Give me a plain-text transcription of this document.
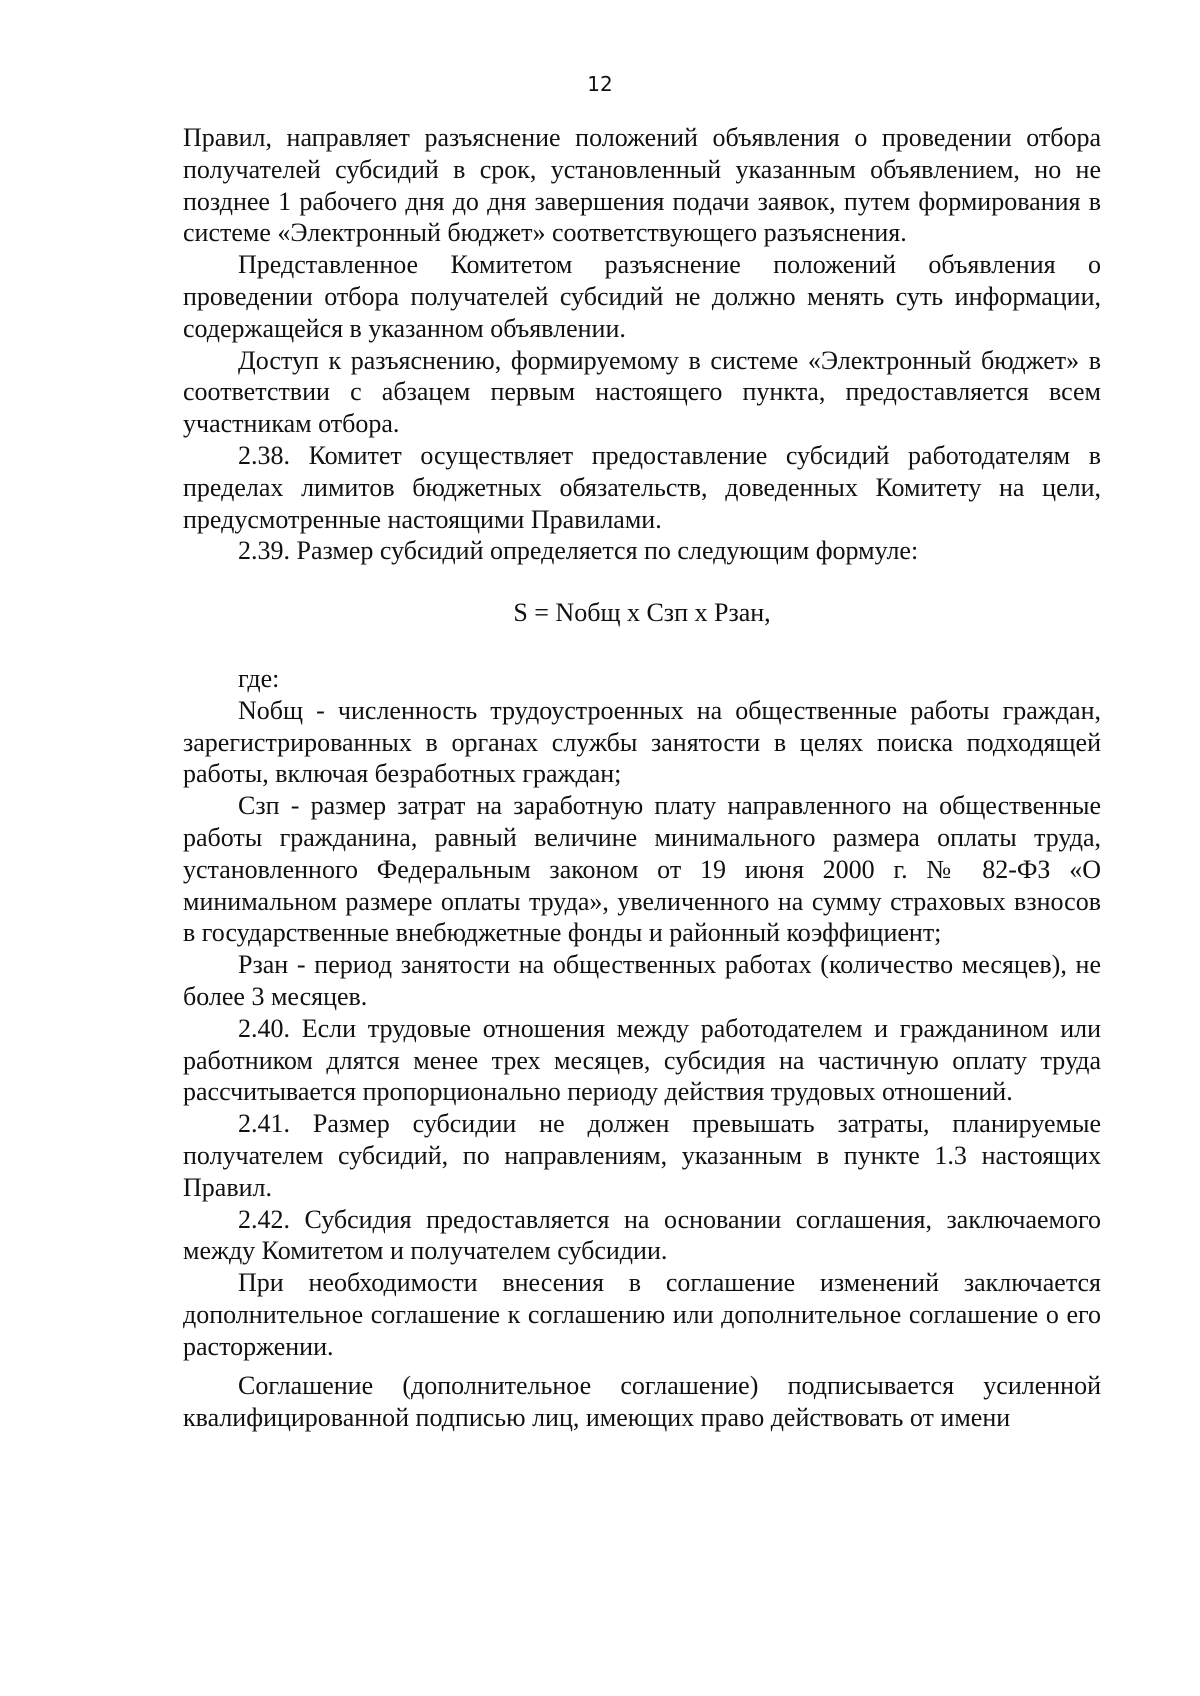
12

Правил, направляет разъяснение положений объявления о проведении отбора получателей субсидий в срок, установленный указанным объявлением, но не позднее 1 рабочего дня до дня завершения подачи заявок, путем формирования в системе «Электронный бюджет» соответствующего разъяснения.

Представленное Комитетом разъяснение положений объявления о проведении отбора получателей субсидий не должно менять суть информации, содержащейся в указанном объявлении.

Доступ к разъяснению, формируемому в системе «Электронный бюджет» в соответствии с абзацем первым настоящего пункта, предоставляется всем участникам отбора.

2.38. Комитет осуществляет предоставление субсидий работодателям в пределах лимитов бюджетных обязательств, доведенных Комитету на цели, предусмотренные настоящими Правилами.

2.39. Размер субсидий определяется по следующим формуле:

S = Nобщ х Сзп х Рзан,

где:

Nобщ - численность трудоустроенных на общественные работы граждан, зарегистрированных в органах службы занятости в целях поиска подходящей работы, включая безработных граждан;

Сзп - размер затрат на заработную плату направленного на общественные работы гражданина, равный величине минимального размера оплаты труда, установленного Федеральным законом от 19 июня 2000 г. № 82-ФЗ «О минимальном размере оплаты труда», увеличенного на сумму страховых взносов в государственные внебюджетные фонды и районный коэффициент;

Рзан - период занятости на общественных работах (количество месяцев), не более 3 месяцев.

2.40. Если трудовые отношения между работодателем и гражданином или работником длятся менее трех месяцев, субсидия на частичную оплату труда рассчитывается пропорционально периоду действия трудовых отношений.

2.41. Размер субсидии не должен превышать затраты, планируемые получателем субсидий, по направлениям, указанным в пункте 1.3 настоящих Правил.

2.42. Субсидия предоставляется на основании соглашения, заключаемого между Комитетом и получателем субсидии.

При необходимости внесения в соглашение изменений заключается дополнительное соглашение к соглашению или дополнительное соглашение о его расторжении.

Соглашение (дополнительное соглашение) подписывается усиленной квалифицированной подписью лиц, имеющих право действовать от имени
